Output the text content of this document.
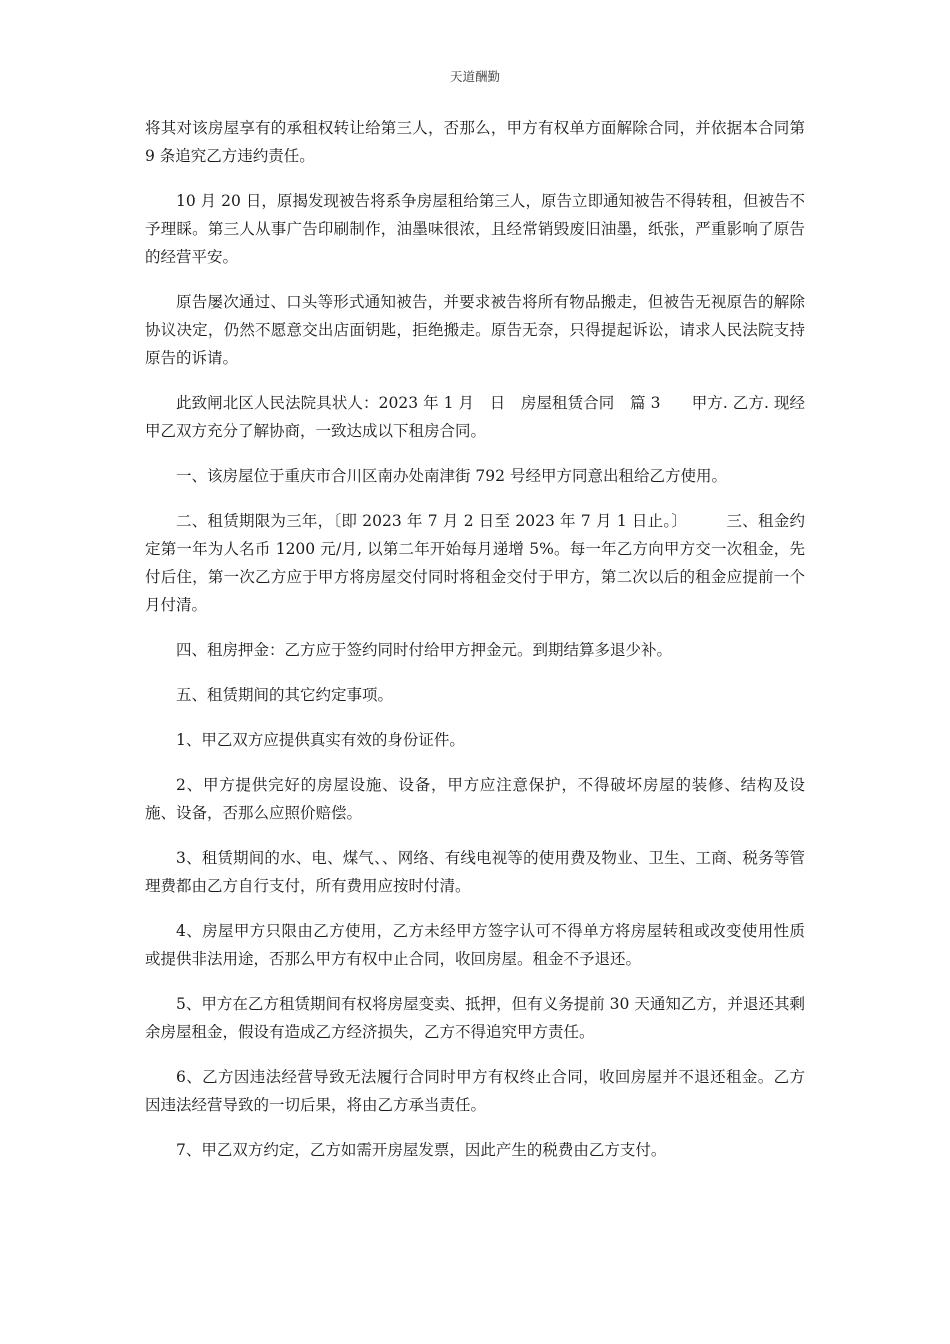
天道酬勤

将其对该房屋享有的承租权转让给第三人，否那么，甲方有权单方面解除合同，并依据本合同第 9 条追究乙方违约责任。

10 月 20 日，原揭发现被告将系争房屋租给第三人，原告立即通知被告不得转租，但被告不予理睬。第三人从事广告印刷制作，油墨味很浓，且经常销毁废旧油墨，纸张，严重影响了原告的经营平安。

原告屡次通过、口头等形式通知被告，并要求被告将所有物品搬走，但被告无视原告的解除协议决定，仍然不愿意交出店面钥匙，拒绝搬走。原告无奈，只得提起诉讼，请求人民法院支持原告的诉请。

此致闸北区人民法院具状人：2023 年 1 月　日　房屋租赁合同　篇 3　　甲方. 乙方. 现经甲乙双方充分了解协商，一致达成以下租房合同。

一、该房屋位于重庆市合川区南办处南津街 792 号经甲方同意出租给乙方使用。

二、租赁期限为三年，〔即 2023 年 7 月 2 日至 2023 年 7 月 1 日止。〕　　　三、租金约定第一年为人名币 1200 元/月, 以第二年开始每月递增 5%。每一年乙方向甲方交一次租金，先付后住，第一次乙方应于甲方将房屋交付同时将租金交付于甲方，第二次以后的租金应提前一个月付清。

四、租房押金：乙方应于签约同时付给甲方押金元。到期结算多退少补。

五、租赁期间的其它约定事项。

1、甲乙双方应提供真实有效的身份证件。

2、甲方提供完好的房屋设施、设备，甲方应注意保护，不得破坏房屋的装修、结构及设施、设备，否那么应照价赔偿。

3、租赁期间的水、电、煤气、、网络、有线电视等的使用费及物业、卫生、工商、税务等管理费都由乙方自行支付，所有费用应按时付清。

4、房屋甲方只限由乙方使用，乙方未经甲方签字认可不得单方将房屋转租或改变使用性质或提供非法用途，否那么甲方有权中止合同，收回房屋。租金不予退还。

5、甲方在乙方租赁期间有权将房屋变卖、抵押，但有义务提前 30 天通知乙方，并退还其剩余房屋租金，假设有造成乙方经济损失，乙方不得追究甲方责任。

6、乙方因违法经营导致无法履行合同时甲方有权终止合同，收回房屋并不退还租金。乙方因违法经营导致的一切后果，将由乙方承当责任。

7、甲乙双方约定，乙方如需开房屋发票，因此产生的税费由乙方支付。
